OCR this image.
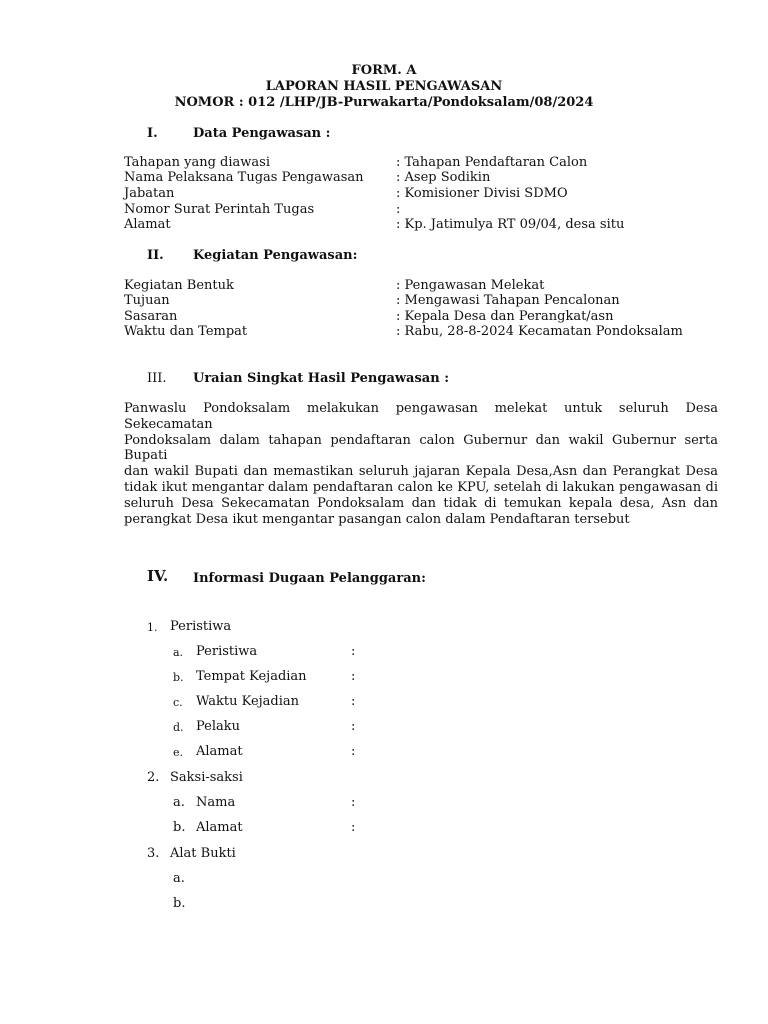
FORM. A
LAPORAN HASIL PENGAWASAN
NOMOR : 012 /LHP/JB-Purwakarta/Pondoksalam/08/2024
I.	Data Pengawasan :
Tahapan yang diawasi	: Tahapan Pendaftaran Calon
Nama Pelaksana Tugas Pengawasan : Asep Sodikin
Jabatan	: Komisioner Divisi SDMO
Nomor Surat Perintah Tugas	:
Alamat	: Kp. Jatimulya RT 09/04, desa situ
II. Kegiatan Pengawasan:
Kegiatan Bentuk	: Pengawasan Melekat
Tujuan	: Mengawasi Tahapan Pencalonan
Sasaran	: Kepala Desa dan Perangkat/asn
Waktu dan Tempat	: Rabu, 28-8-2024 Kecamatan Pondoksalam
III. Uraian Singkat Hasil Pengawasan :
Panwaslu Pondoksalam melakukan pengawasan melekat untuk seluruh Desa Sekecamatan
Pondoksalam dalam tahapan pendaftaran calon Gubernur dan wakil Gubernur serta Bupati
dan wakil Bupati dan memastikan seluruh jajaran Kepala Desa,Asn dan Perangkat Desa
tidak ikut mengantar dalam pendaftaran calon ke KPU, setelah di lakukan pengawasan di
seluruh Desa Sekecamatan Pondoksalam dan tidak di temukan kepala desa, Asn dan
perangkat Desa ikut mengantar pasangan calon dalam Pendaftaran tersebut
IV. Informasi Dugaan Pelanggaran:
1. Peristiwa
a. Peristiwa	:
b. Tempat Kejadian	:
c. Waktu Kejadian	:
d. Pelaku	:
e. Alamat	:
2. Saksi-saksi
a. Nama	:
b. Alamat	:
3. Alat Bukti
a.
b.
